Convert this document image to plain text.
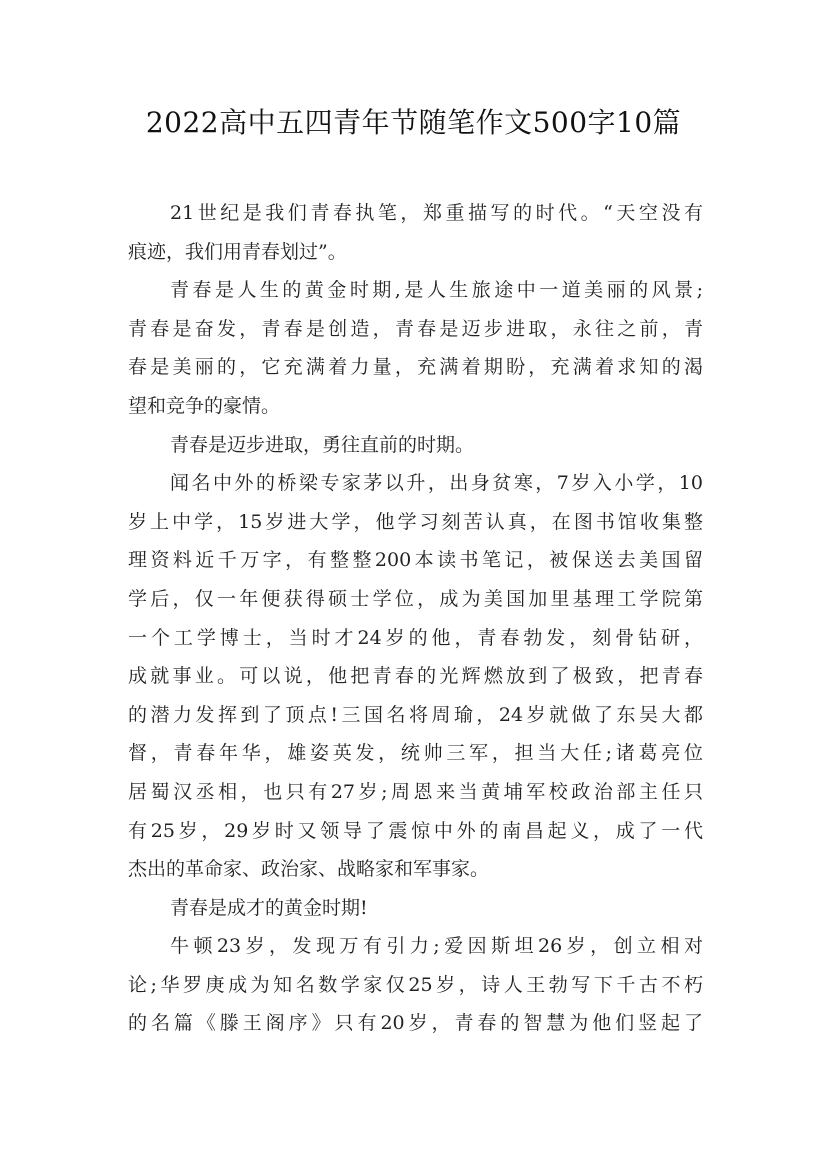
2022高中五四青年节随笔作文500字10篇
21世纪是我们青春执笔，郑重描写的时代。“天空没有
痕迹，我们用青春划过”。
青春是人生的黄金时期,是人生旅途中一道美丽的风景;
青春是奋发，青春是创造，青春是迈步进取，永往之前，青
春是美丽的，它充满着力量，充满着期盼，充满着求知的渴
望和竞争的豪情。
青春是迈步进取，勇往直前的时期。
闻名中外的桥梁专家茅以升，出身贫寒，7岁入小学，10
岁上中学，15岁进大学，他学习刻苦认真，在图书馆收集整
理资料近千万字，有整整200本读书笔记，被保送去美国留
学后，仅一年便获得硕士学位，成为美国加里基理工学院第
一个工学博士，当时才24岁的他，青春勃发，刻骨钻研，
成就事业。可以说，他把青春的光辉燃放到了极致，把青春
的潜力发挥到了顶点!三国名将周瑜，24岁就做了东吴大都
督，青春年华，雄姿英发，统帅三军，担当大任;诸葛亮位
居蜀汉丞相，也只有27岁;周恩来当黄埔军校政治部主任只
有25岁，29岁时又领导了震惊中外的南昌起义，成了一代
杰出的革命家、政治家、战略家和军事家。
青春是成才的黄金时期!
牛顿23岁，发现万有引力;爱因斯坦26岁，创立相对
论;华罗庚成为知名数学家仅25岁，诗人王勃写下千古不朽
的名篇《滕王阁序》只有20岁，青春的智慧为他们竖起了
